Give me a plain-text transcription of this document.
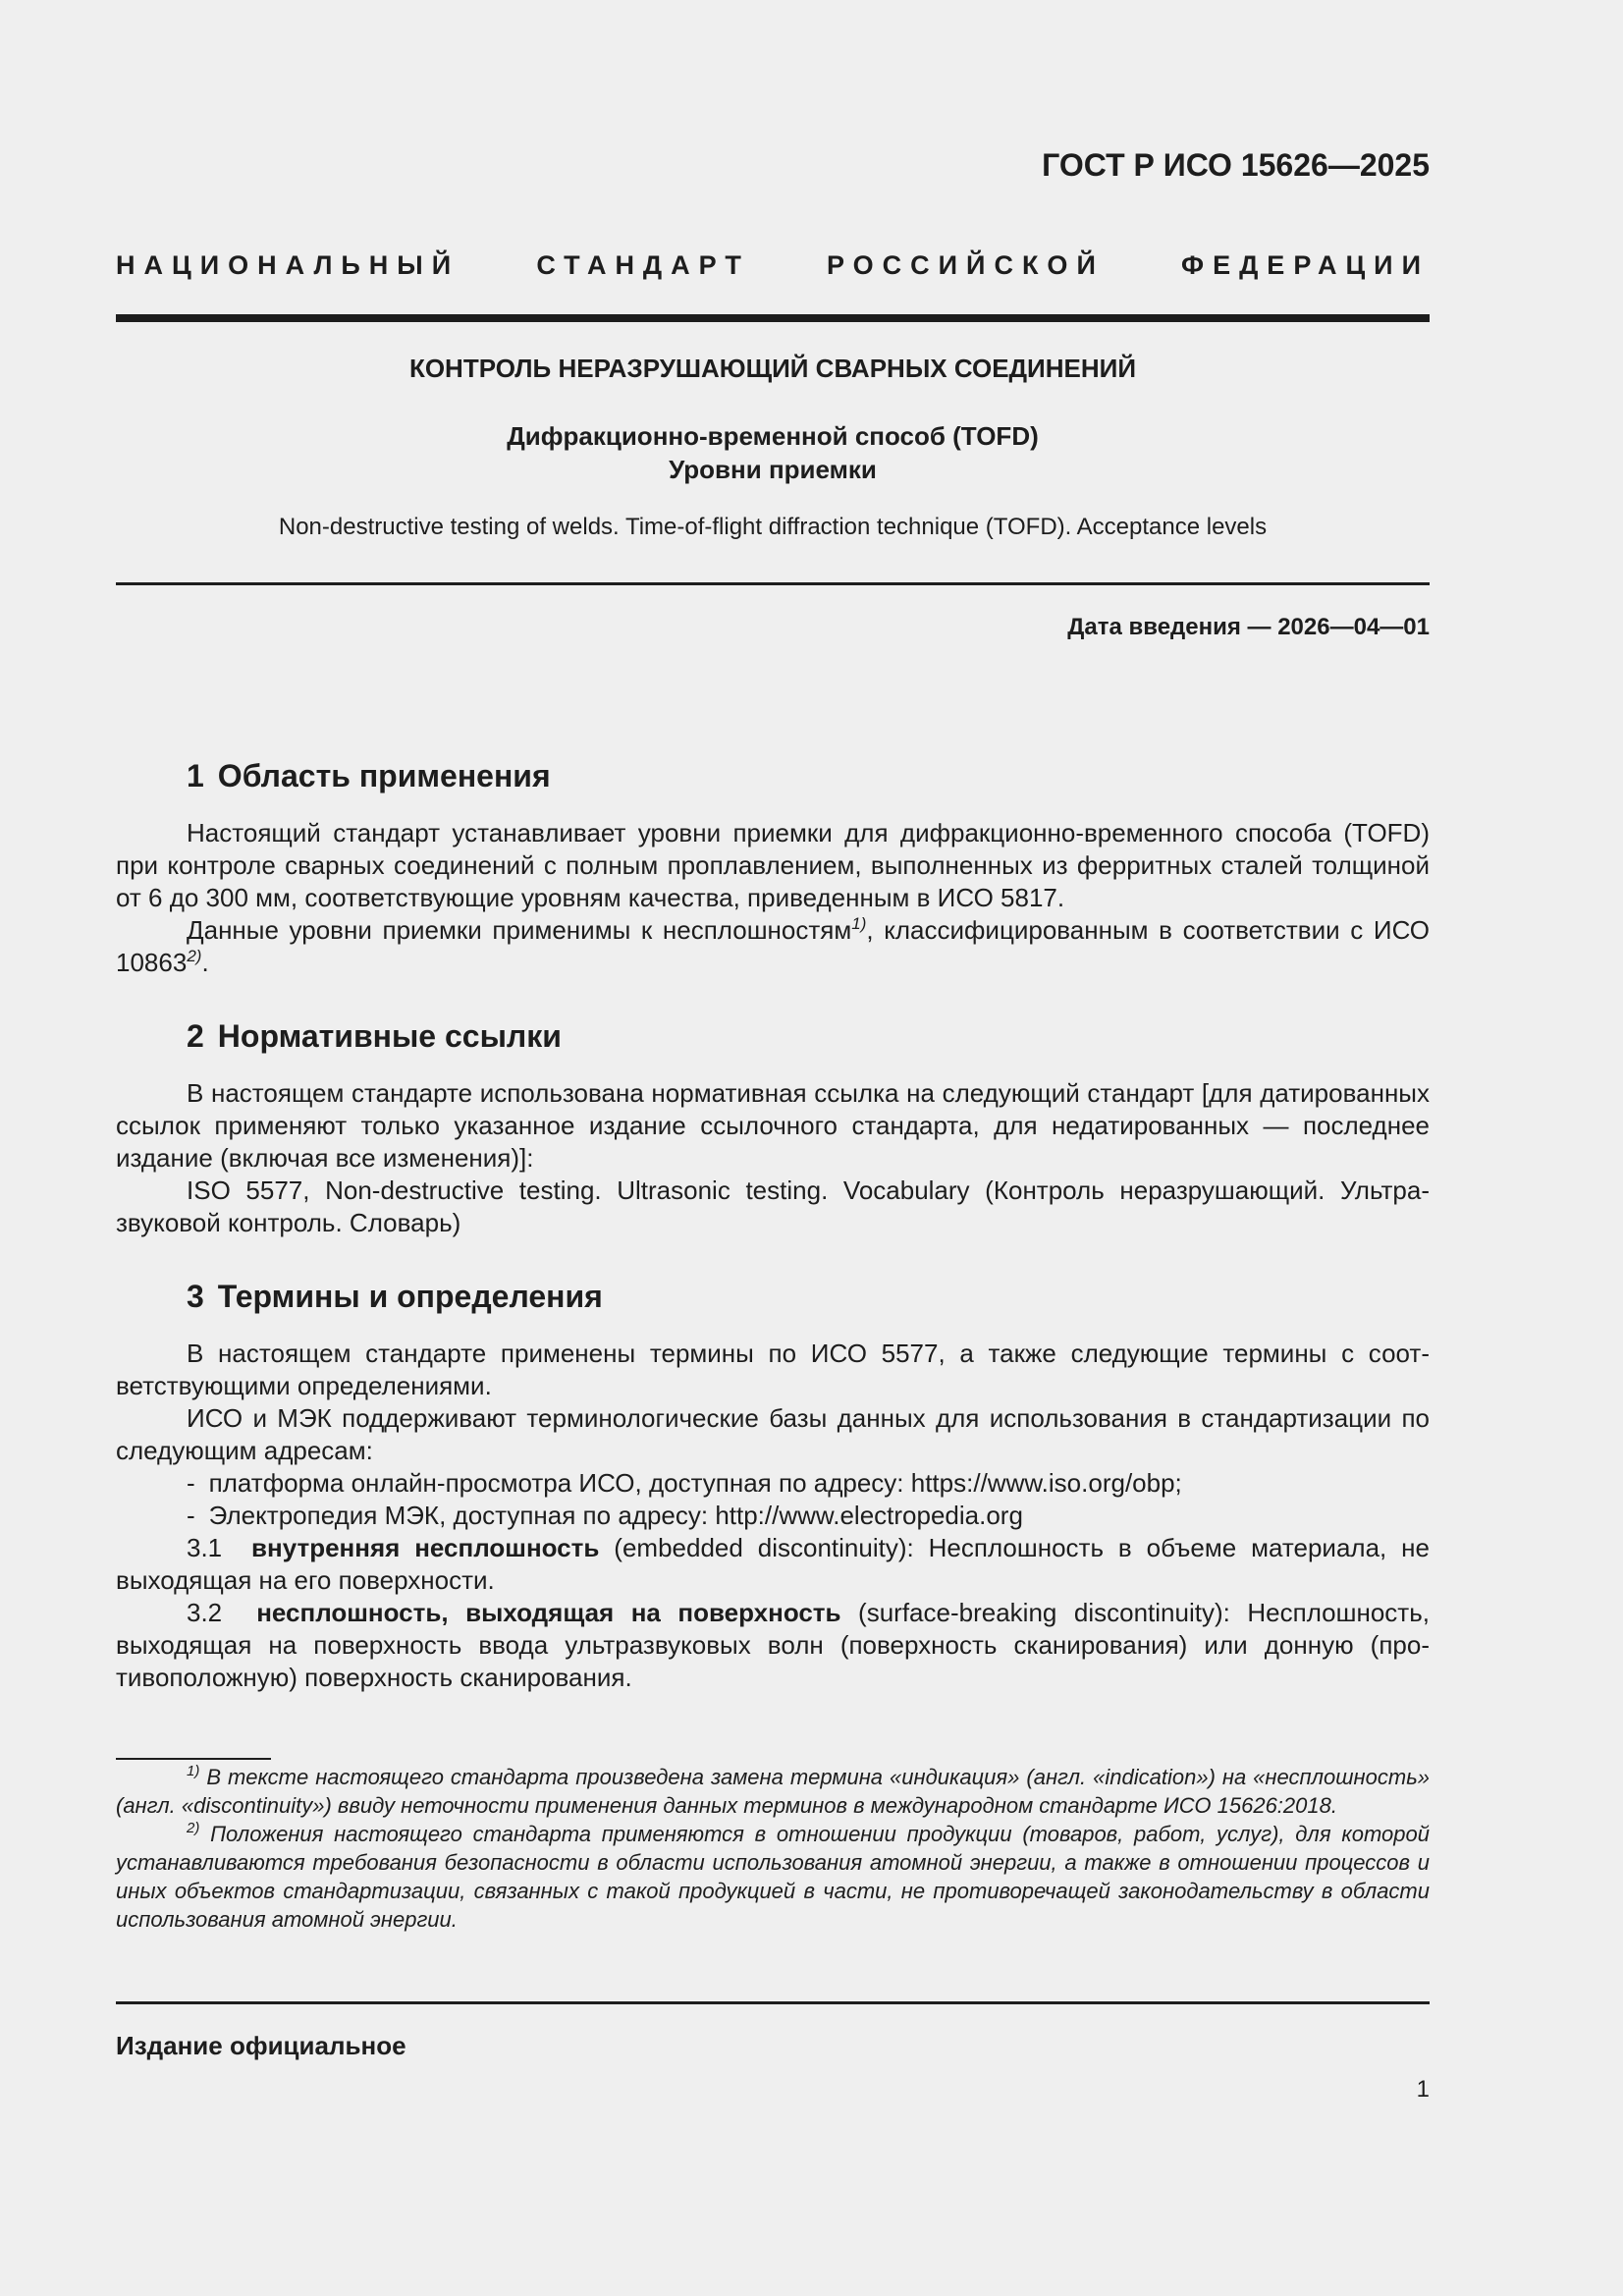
ГОСТ Р ИСО 15626—2025
НАЦИОНАЛЬНЫЙ СТАНДАРТ РОССИЙСКОЙ ФЕДЕРАЦИИ
КОНТРОЛЬ НЕРАЗРУШАЮЩИЙ СВАРНЫХ СОЕДИНЕНИЙ
Дифракционно-временной способ (TOFD)
Уровни приемки
Non-destructive testing of welds. Time-of-flight diffraction technique (TOFD). Acceptance levels
Дата введения — 2026—04—01
1 Область применения

Настоящий стандарт устанавливает уровни приемки для дифракционно-временного способа (TOFD) при контроле сварных соединений с полным проплавлением, выполненных из ферритных сталей толщиной от 6 до 300 мм, соответствующие уровням качества, приведенным в ИСО 5817.

Данные уровни приемки применимы к несплошностям$^{1)}$, классифицированным в соответствии с ИСО 10863$^{2)}$.

2 Нормативные ссылки

В настоящем стандарте использована нормативная ссылка на следующий стандарт [для датированных ссылок применяют только указанное издание ссылочного стандарта, для недатированных — последнее издание (включая все изменения)]:

ISO 5577, Non-destructive testing. Ultrasonic testing. Vocabulary (Контроль неразрушающий. Ультразвуковой контроль. Словарь)

3 Термины и определения

В настоящем стандарте применены термины по ИСО 5577, а также следующие термины с соответствующими определениями.

ИСО и МЭК поддерживают терминологические базы данных для использования в стандартизации по следующим адресам:

- платформа онлайн-просмотра ИСО, доступная по адресу: https://www.iso.org/obp;

- Электропедия МЭК, доступная по адресу: http://www.electropedia.org

3.1 внутренняя несплошность (embedded discontinuity): Несплошность в объеме материала, не выходящая на его поверхности.

3.2 несплошность, выходящая на поверхность (surface-breaking discontinuity): Несплошность, выходящая на поверхность ввода ультразвуковых волн (поверхность сканирования) или донную (противоположную) поверхность сканирования.

$^{1)}$ В тексте настоящего стандарта произведена замена термина «индикация» (англ. «indication») на «несплошность» (англ. «discontinuity») ввиду неточности применения данных терминов в международном стандарте ИСО 15626:2018.

$^{2)}$ Положения настоящего стандарта применяются в отношении продукции (товаров, работ, услуг), для которой устанавливаются требования безопасности в области использования атомной энергии, а также в отношении процессов и иных объектов стандартизации, связанных с такой продукцией в части, не противоречащей законодательству в области использования атомной энергии.

Издание официальное
1
